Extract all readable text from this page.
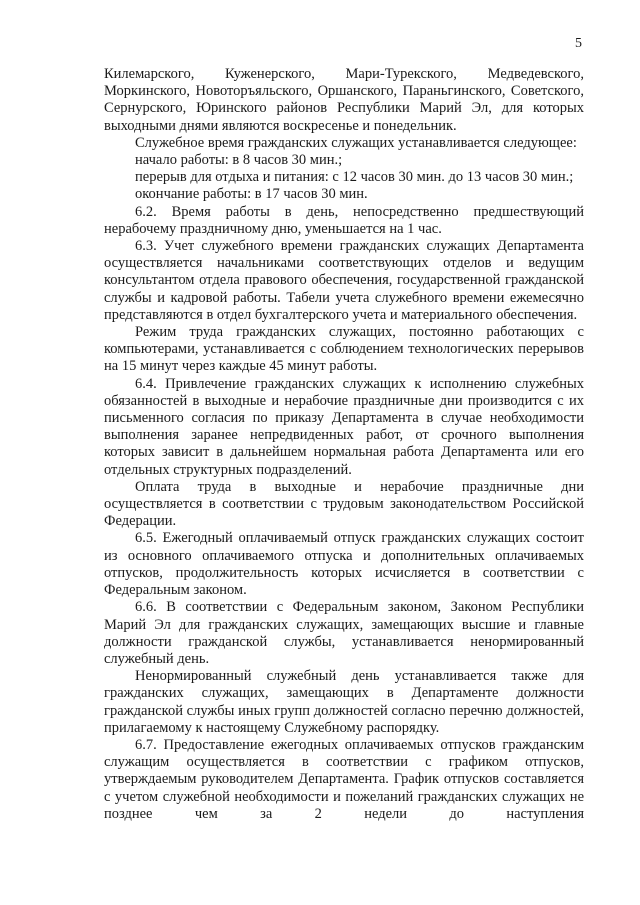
5

Килемарского, Куженерского, Мари-Турекского, Медведевского, Моркинского, Новоторъяльского, Оршанского, Параньгинского, Советского, Сернурского, Юринского районов Республики Марий Эл, для которых выходными днями являются воскресенье и понедельник.

Служебное время гражданских служащих устанавливается следующее:

начало работы: в 8 часов 30 мин.;

перерыв для отдыха и питания: с 12 часов 30 мин. до 13 часов 30 мин.;

окончание работы: в 17 часов 30 мин.

6.2. Время работы в день, непосредственно предшествующий нерабочему праздничному дню, уменьшается на 1 час.

6.3. Учет служебного времени гражданских служащих Департамента осуществляется начальниками соответствующих отделов и ведущим консультантом отдела правового обеспечения, государственной гражданской службы и кадровой работы. Табели учета служебного времени ежемесячно представляются в отдел бухгалтерского учета и материального обеспечения.

Режим труда гражданских служащих, постоянно работающих с компьютерами, устанавливается с соблюдением технологических перерывов на 15 минут через каждые 45 минут работы.

6.4. Привлечение гражданских служащих к исполнению служебных обязанностей в выходные и нерабочие праздничные дни производится с их письменного согласия по приказу Департамента в случае необходимости выполнения заранее непредвиденных работ, от срочного выполнения которых зависит в дальнейшем нормальная работа Департамента или его отдельных структурных подразделений.

Оплата труда в выходные и нерабочие праздничные дни осуществляется в соответствии с трудовым законодательством Российской Федерации.

6.5. Ежегодный оплачиваемый отпуск гражданских служащих состоит из основного оплачиваемого отпуска и дополнительных оплачиваемых отпусков, продолжительность которых исчисляется в соответствии с Федеральным законом.

6.6. В соответствии с Федеральным законом, Законом Республики Марий Эл для гражданских служащих, замещающих высшие и главные должности гражданской службы, устанавливается ненормированный служебный день.

Ненормированный служебный день устанавливается также для гражданских служащих, замещающих в Департаменте должности гражданской службы иных групп должностей согласно перечню должностей, прилагаемому к настоящему Служебному распорядку.

6.7. Предоставление ежегодных оплачиваемых отпусков гражданским служащим осуществляется в соответствии с графиком отпусков, утверждаемым руководителем Департамента. График отпусков составляется с учетом служебной необходимости и пожеланий гражданских служащих не позднее чем за 2 недели до наступления
